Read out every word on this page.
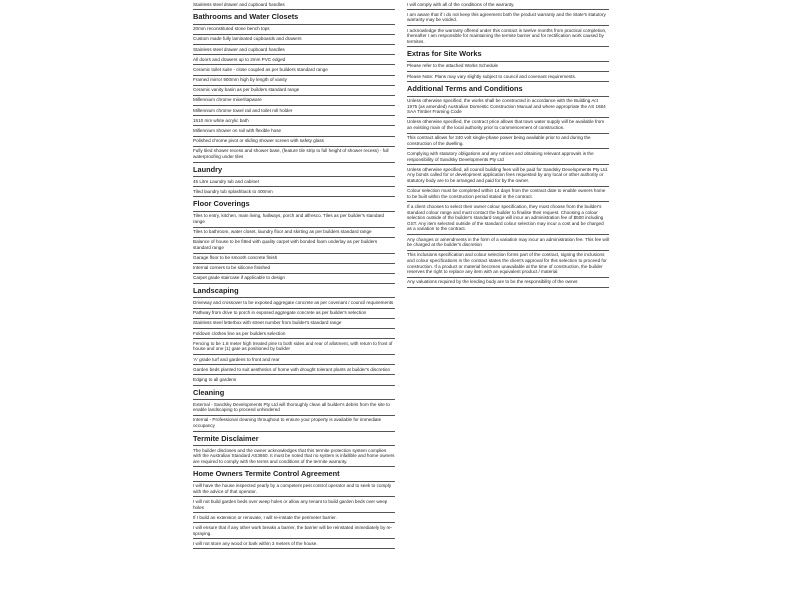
Stainless steel drawer and cupboard handles
Bathrooms and Water Closets
20mm reconstituted stone bench tops
Custom made fully laminated cupboards and drawers
Stainless steel drawer and cupboard handles
All doors and drawers up to 2mm PVC edged
Ceramic toilet suite - close coupled as per builders standard range
Framed mirror 900mm high by length of vanity
Ceramic vanity basin as per builders standard range
Millennium chrome mixer/tapware
Millennium chrome towel rail and toilet roll holder
1510 mm white acrylic bath
Millennium shower on rail with flexible hose
Polished chrome pivot or sliding shower screen with safety glass
Fully tiled shower recess and shower base, (feature tile strip to full height of shower recess) - full waterproofing under tiles
Laundry
45 Litre Laundry tub and cabinet
Tiled laundry tub splashback to 400mm
Floor Coverings
Tiles to entry, kitchen, main living, hallways, porch and alfresco. Tiles as per builder's standard range
Tiles to bathroom, water closet, laundry floor and skirting as per builders standard range
Balance of house to be fitted with quality carpet with bonded foam underlay as per builders standard range
Garage floor to be smooth concrete finish
Internal corners to be silicone finished
Carpet grade staircase if applicable to design
Landscaping
Driveway and crossover to be exposed aggregate concrete as per covenant / council requirements
Pathway from drive to porch in exposed aggregate concrete as per builder's selection
Stainless steel letterbox with street number from builder's standard range
Foldown clothes line as per builders selection
Fencing to be 1.8 meter high treated pine to both sides and rear of allotment, with return to front of house and one (1) gate as positioned by builder
'A' grade turf and gardens to front and rear
Garden beds planted to suit aesthetics of home with drought tolerant plants at builder's discretion
Edging to all gardens
Cleaning
External - Sandsky Developments Pty Ltd will thoroughly clean all builder's debris from the site to enable landscaping to proceed unhindered
Internal - Professional cleaning throughout to ensure your property is available for immediate occupancy
Termite Disclaimer
The builder discloses and the owner acknowledges that this termite protection system complies with the Australian Standard AS3660. It must be noted that no system is infallible and home owners are required to comply with the terms and conditions of the termite warranty.
Home Owners Termite Control Agreement
I will have the house inspected yearly by a competent pest control operator and to seek to comply with the advice of that operator.
I will not build garden beds over weep holes or allow any tenant to build garden beds over weep holes
If I build an extension or renovate, I will re-instate the perimeter barrier.
I will ensure that if any other work breaks a barrier, the barrier will be reinstated immediately by re-spraying.
I will not store any wood or bark within 3 meters of the house.
I will comply with all of the conditions of the warranty.
I am aware that if I do not keep this agreement both the product warranty and the State's statutory warranty may be voided.
I acknowledge the warranty offered under this contract is twelve months from practical completion, thereafter I am responsible for maintaining the termite barrier and for rectification work caused by termites.
Extras for Site Works
Please refer to the attached Works Schedule
Please Note: Plans may vary slightly subject to council and covenant requirements.
Additional Terms and Conditions
Unless otherwise specified, the works shall be constructed in accordance with the Building Act 1975 (as amended) Australian Domestic Construction Manual and where appropriate the AS 1684 SAA Timber Framing Code
Unless otherwise specified, the contract price allows that town water supply will be available from an existing main of the local authority prior to commencement of construction.
This contract allows for 240 volt single-phase power being available prior to and during the construction of the dwelling.
Complying with statutory obligations and any notices and obtaining relevant approvals is the responsibility of Sandsky Developments Pty Ltd
Unless otherwise specified, all council building fees will be paid for Sandsky Developments Pty Ltd. Any bonds called for or development application fees requested by any local or other authority or statutory body are to be arranged and paid for by the owner.
Colour selection must be completed within 14 days from the contract date to enable owners home to be built within the construction period stated in the contract.
If a client chooses to select their owner colour specification, they must choose from the builder's standard colour range and must contact the builder to finalise their request. Choosing a colour selection outside of the builder's standard range will incur an administration fee of $500 including GST. Any item selected outside of the standard colour selection may incur a cost and be charged as a variation to the contract.
Any changes or amendments in the form of a variation may incur an administration fee. This fee will be charged at the builder's discretion
This inclusions specification and colour selection forms part of the contract, signing the inclusions and colour specifications in the contract states the client's approval for this selection to proceed for construction. If a product or material becomes unavailable at the time of construction, the builder reserves the right to replace any item with an equivalent product / material
Any valuations required by the lending body are to be the responsibility of the owner.
